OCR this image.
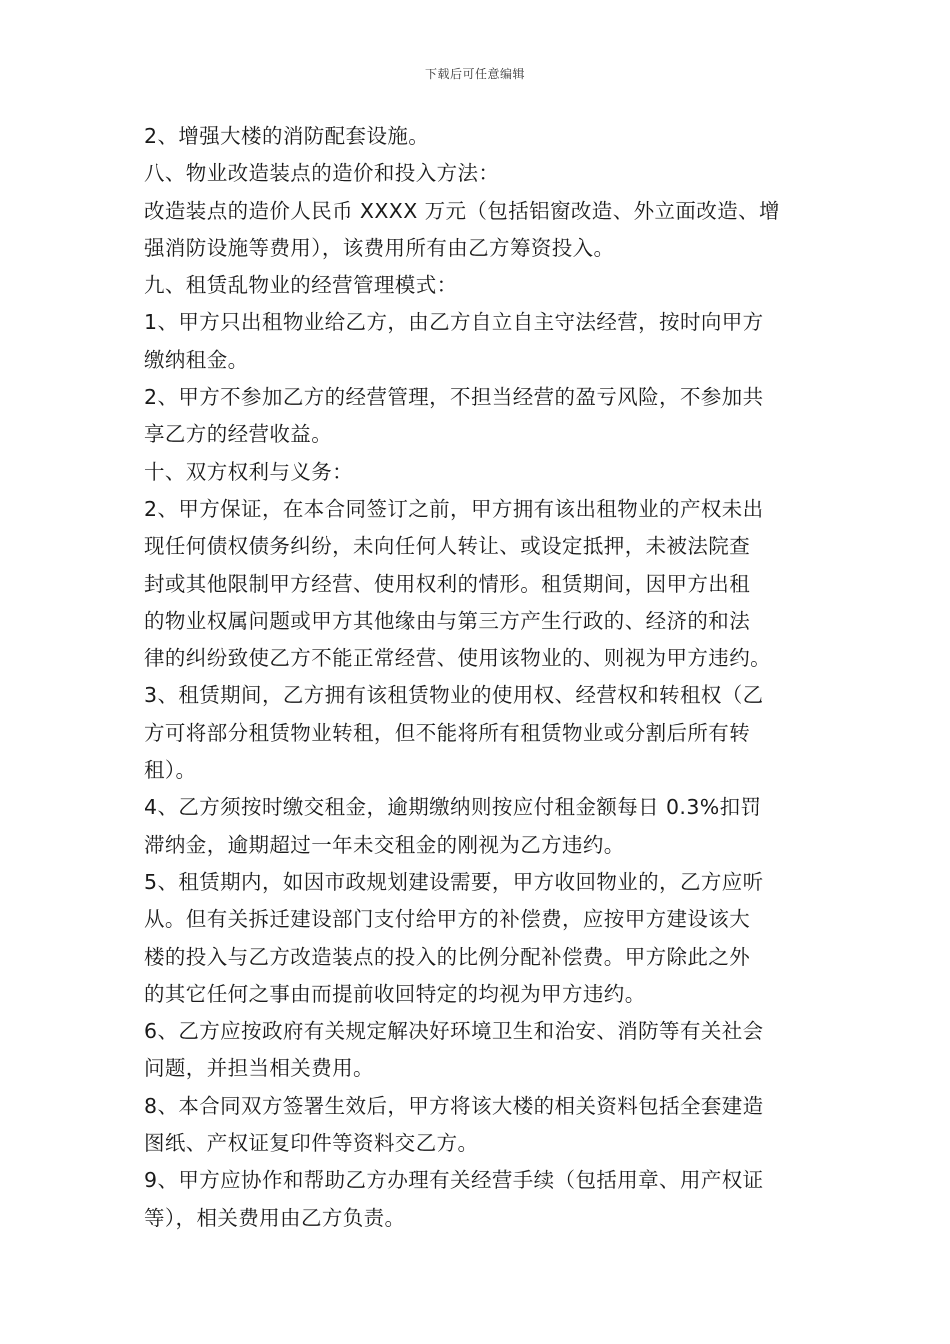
下载后可任意编辑
2、增强大楼的消防配套设施。
八、物业改造装点的造价和投入方法：
改造装点的造价人民币 XXXX 万元（包括铝窗改造、外立面改造、增
强消防设施等费用），该费用所有由乙方筹资投入。
九、租赁乱物业的经营管理模式：
1、甲方只出租物业给乙方，由乙方自立自主守法经营，按时向甲方
缴纳租金。
2、甲方不参加乙方的经营管理，不担当经营的盈亏风险，不参加共
享乙方的经营收益。
十、双方权利与义务：
2、甲方保证，在本合同签订之前，甲方拥有该出租物业的产权未出
现任何债权债务纠纷，未向任何人转让、或设定抵押，未被法院查
封或其他限制甲方经营、使用权利的情形。租赁期间，因甲方出租
的物业权属问题或甲方其他缘由与第三方产生行政的、经济的和法
律的纠纷致使乙方不能正常经营、使用该物业的、则视为甲方违约。
3、租赁期间，乙方拥有该租赁物业的使用权、经营权和转租权（乙
方可将部分租赁物业转租，但不能将所有租赁物业或分割后所有转
租）。
4、乙方须按时缴交租金，逾期缴纳则按应付租金额每日 0.3%扣罚
滞纳金，逾期超过一年未交租金的刚视为乙方违约。
5、租赁期内，如因市政规划建设需要，甲方收回物业的，乙方应听
从。但有关拆迁建设部门支付给甲方的补偿费，应按甲方建设该大
楼的投入与乙方改造装点的投入的比例分配补偿费。甲方除此之外
的其它任何之事由而提前收回特定的均视为甲方违约。
6、乙方应按政府有关规定解决好环境卫生和治安、消防等有关社会
问题，并担当相关费用。
8、本合同双方签署生效后，甲方将该大楼的相关资料包括全套建造
图纸、产权证复印件等资料交乙方。
9、甲方应协作和帮助乙方办理有关经营手续（包括用章、用产权证
等），相关费用由乙方负责。
